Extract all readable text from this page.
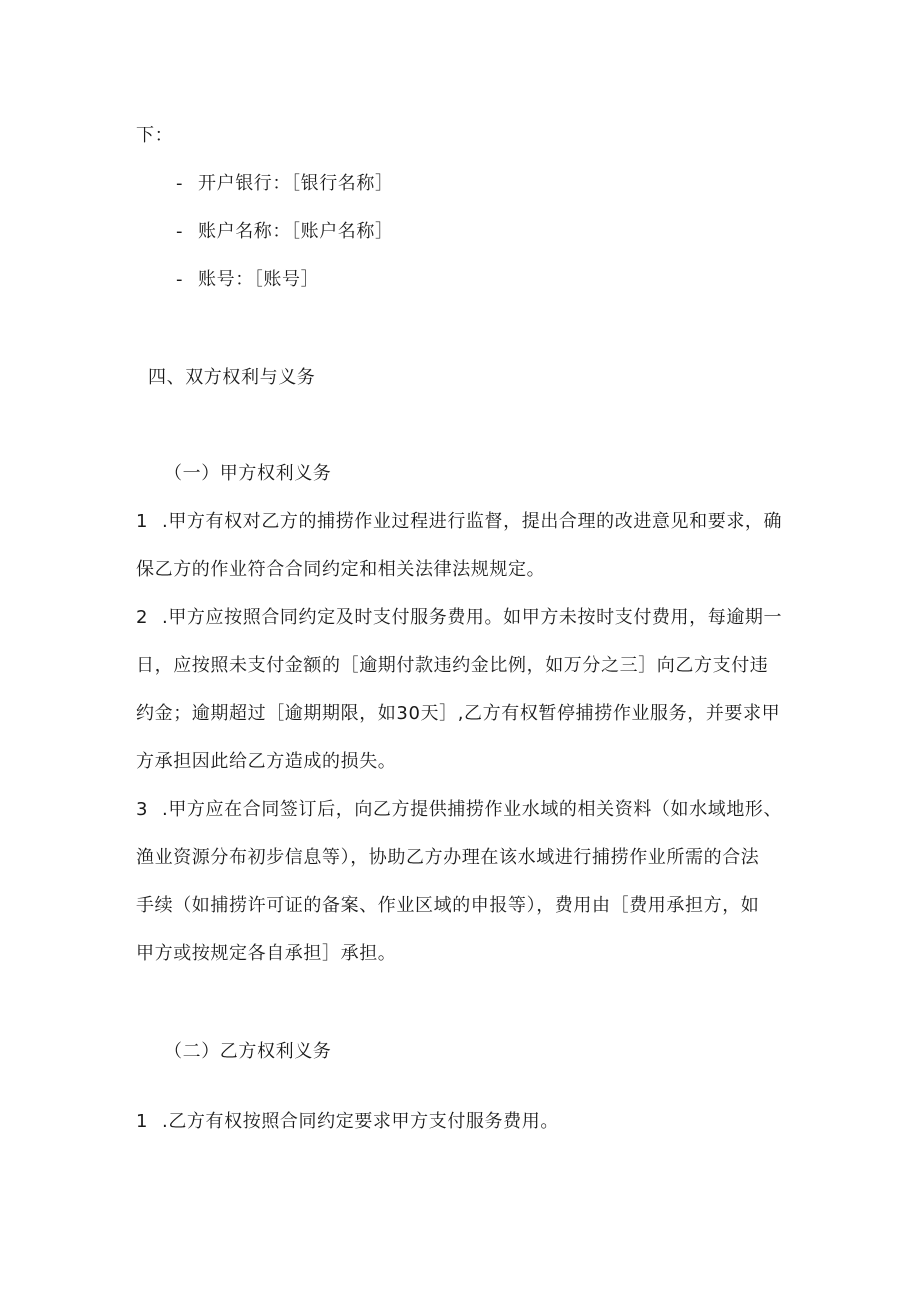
下：
- 开户银行：［银行名称］
- 账户名称：［账户名称］
- 账号：［账号］
四、双方权利与义务
（一）甲方权利义务
1 .甲方有权对乙方的捕捞作业过程进行监督，提出合理的改进意见和要求，确
保乙方的作业符合合同约定和相关法律法规规定。
2 .甲方应按照合同约定及时支付服务费用。如甲方未按时支付费用，每逾期一
日，应按照未支付金额的［逾期付款违约金比例，如万分之三］向乙方支付违
约金；逾期超过［逾期期限，如30天］,乙方有权暂停捕捞作业服务，并要求甲
方承担因此给乙方造成的损失。
3 .甲方应在合同签订后，向乙方提供捕捞作业水域的相关资料（如水域地形、
渔业资源分布初步信息等），协助乙方办理在该水域进行捕捞作业所需的合法
手续（如捕捞许可证的备案、作业区域的申报等），费用由［费用承担方，如
甲方或按规定各自承担］承担。
（二）乙方权利义务
1 .乙方有权按照合同约定要求甲方支付服务费用。
